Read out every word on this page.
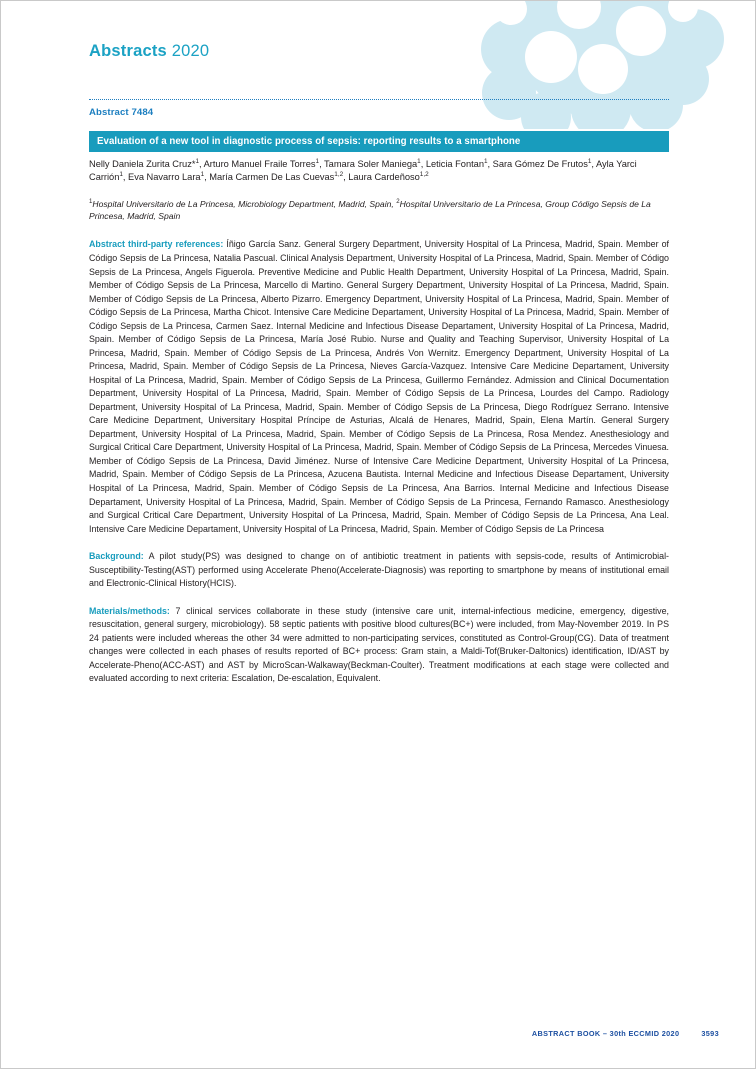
Abstracts 2020
Abstract 7484
Evaluation of a new tool in diagnostic process of sepsis: reporting results to a smartphone
Nelly Daniela Zurita Cruz*$^1$, Arturo Manuel Fraile Torres$^1$, Tamara Soler Maniega$^1$, Leticia Fontan$^1$, Sara Gómez De Frutos$^1$, Ayla Yarci Carrión$^1$, Eva Navarro Lara$^1$, María Carmen De Las Cuevas$^{1,2}$, Laura Cardeñoso$^{1,2}$
$^1$Hospital Universitario de La Princesa, Microbiology Department, Madrid, Spain, $^2$Hospital Universitario de La Princesa, Group Código Sepsis de La Princesa, Madrid, Spain
Abstract third-party references: Íñigo García Sanz. General Surgery Department, University Hospital of La Princesa, Madrid, Spain. Member of Código Sepsis de La Princesa, Natalia Pascual. Clinical Analysis Department, University Hospital of La Princesa, Madrid, Spain. Member of Código Sepsis de La Princesa, Angels Figuerola. Preventive Medicine and Public Health Department, University Hospital of La Princesa, Madrid, Spain. Member of Código Sepsis de La Princesa, Marcello di Martino. General Surgery Department, University Hospital of La Princesa, Madrid, Spain. Member of Código Sepsis de La Princesa, Alberto Pizarro. Emergency Department, University Hospital of La Princesa, Madrid, Spain. Member of Código Sepsis de La Princesa, Martha Chicot. Intensive Care Medicine Departament, University Hospital of La Princesa, Madrid, Spain. Member of Código Sepsis de La Princesa, Carmen Saez. Internal Medicine and Infectious Disease Departament, University Hospital of La Princesa, Madrid, Spain. Member of Código Sepsis de La Princesa, María José Rubio. Nurse and Quality and Teaching Supervisor, University Hospital of La Princesa, Madrid, Spain. Member of Código Sepsis de La Princesa, Andrés Von Wernitz. Emergency Department, University Hospital of La Princesa, Madrid, Spain. Member of Código Sepsis de La Princesa, Nieves García-Vazquez. Intensive Care Medicine Departament, University Hospital of La Princesa, Madrid, Spain. Member of Código Sepsis de La Princesa, Guillermo Fernández. Admission and Clinical Documentation Department, University Hospital of La Princesa, Madrid, Spain. Member of Código Sepsis de La Princesa, Lourdes del Campo. Radiology Department, University Hospital of La Princesa, Madrid, Spain. Member of Código Sepsis de La Princesa, Diego Rodríguez Serrano. Intensive Care Medicine Department, Universitary Hospital Príncipe de Asturias, Alcalá de Henares, Madrid, Spain, Elena Martín. General Surgery Department, University Hospital of La Princesa, Madrid, Spain. Member of Código Sepsis de La Princesa, Rosa Mendez. Anesthesiology and Surgical Critical Care Department, University Hospital of La Princesa, Madrid, Spain. Member of Código Sepsis de La Princesa, Mercedes Vinuesa. Member of Código Sepsis de La Princesa, David Jiménez. Nurse of Intensive Care Medicine Department, University Hospital of La Princesa, Madrid, Spain. Member of Código Sepsis de La Princesa, Azucena Bautista. Internal Medicine and Infectious Disease Departament, University Hospital of La Princesa, Madrid, Spain. Member of Código Sepsis de La Princesa, Ana Barrios. Internal Medicine and Infectious Disease Departament, University Hospital of La Princesa, Madrid, Spain. Member of Código Sepsis de La Princesa, Fernando Ramasco. Anesthesiology and Surgical Critical Care Department, University Hospital of La Princesa, Madrid, Spain. Member of Código Sepsis de La Princesa, Ana Leal. Intensive Care Medicine Departament, University Hospital of La Princesa, Madrid, Spain. Member of Código Sepsis de La Princesa
Background: A pilot study(PS) was designed to change on of antibiotic treatment in patients with sepsis-code, results of Antimicrobial-Susceptibility-Testing(AST) performed using Accelerate Pheno(Accelerate-Diagnosis) was reporting to smartphone by means of institutional email and Electronic-Clinical History(HCIS).
Materials/methods: 7 clinical services collaborate in these study (intensive care unit, internal-infectious medicine, emergency, digestive, resuscitation, general surgery, microbiology). 58 septic patients with positive blood cultures(BC+) were included, from May-November 2019. In PS 24 patients were included whereas the other 34 were admitted to non-participating services, constituted as Control-Group(CG). Data of treatment changes were collected in each phases of results reported of BC+ process: Gram stain, a Maldi-Tof(Bruker-Daltonics) identification, ID/AST by Accelerate-Pheno(ACC-AST) and AST by MicroScan-Walkaway(Beckman-Coulter). Treatment modifications at each stage were collected and evaluated according to next criteria: Escalation, De-escalation, Equivalent.
ABSTRACT BOOK – 30th ECCMID 2020	3593
